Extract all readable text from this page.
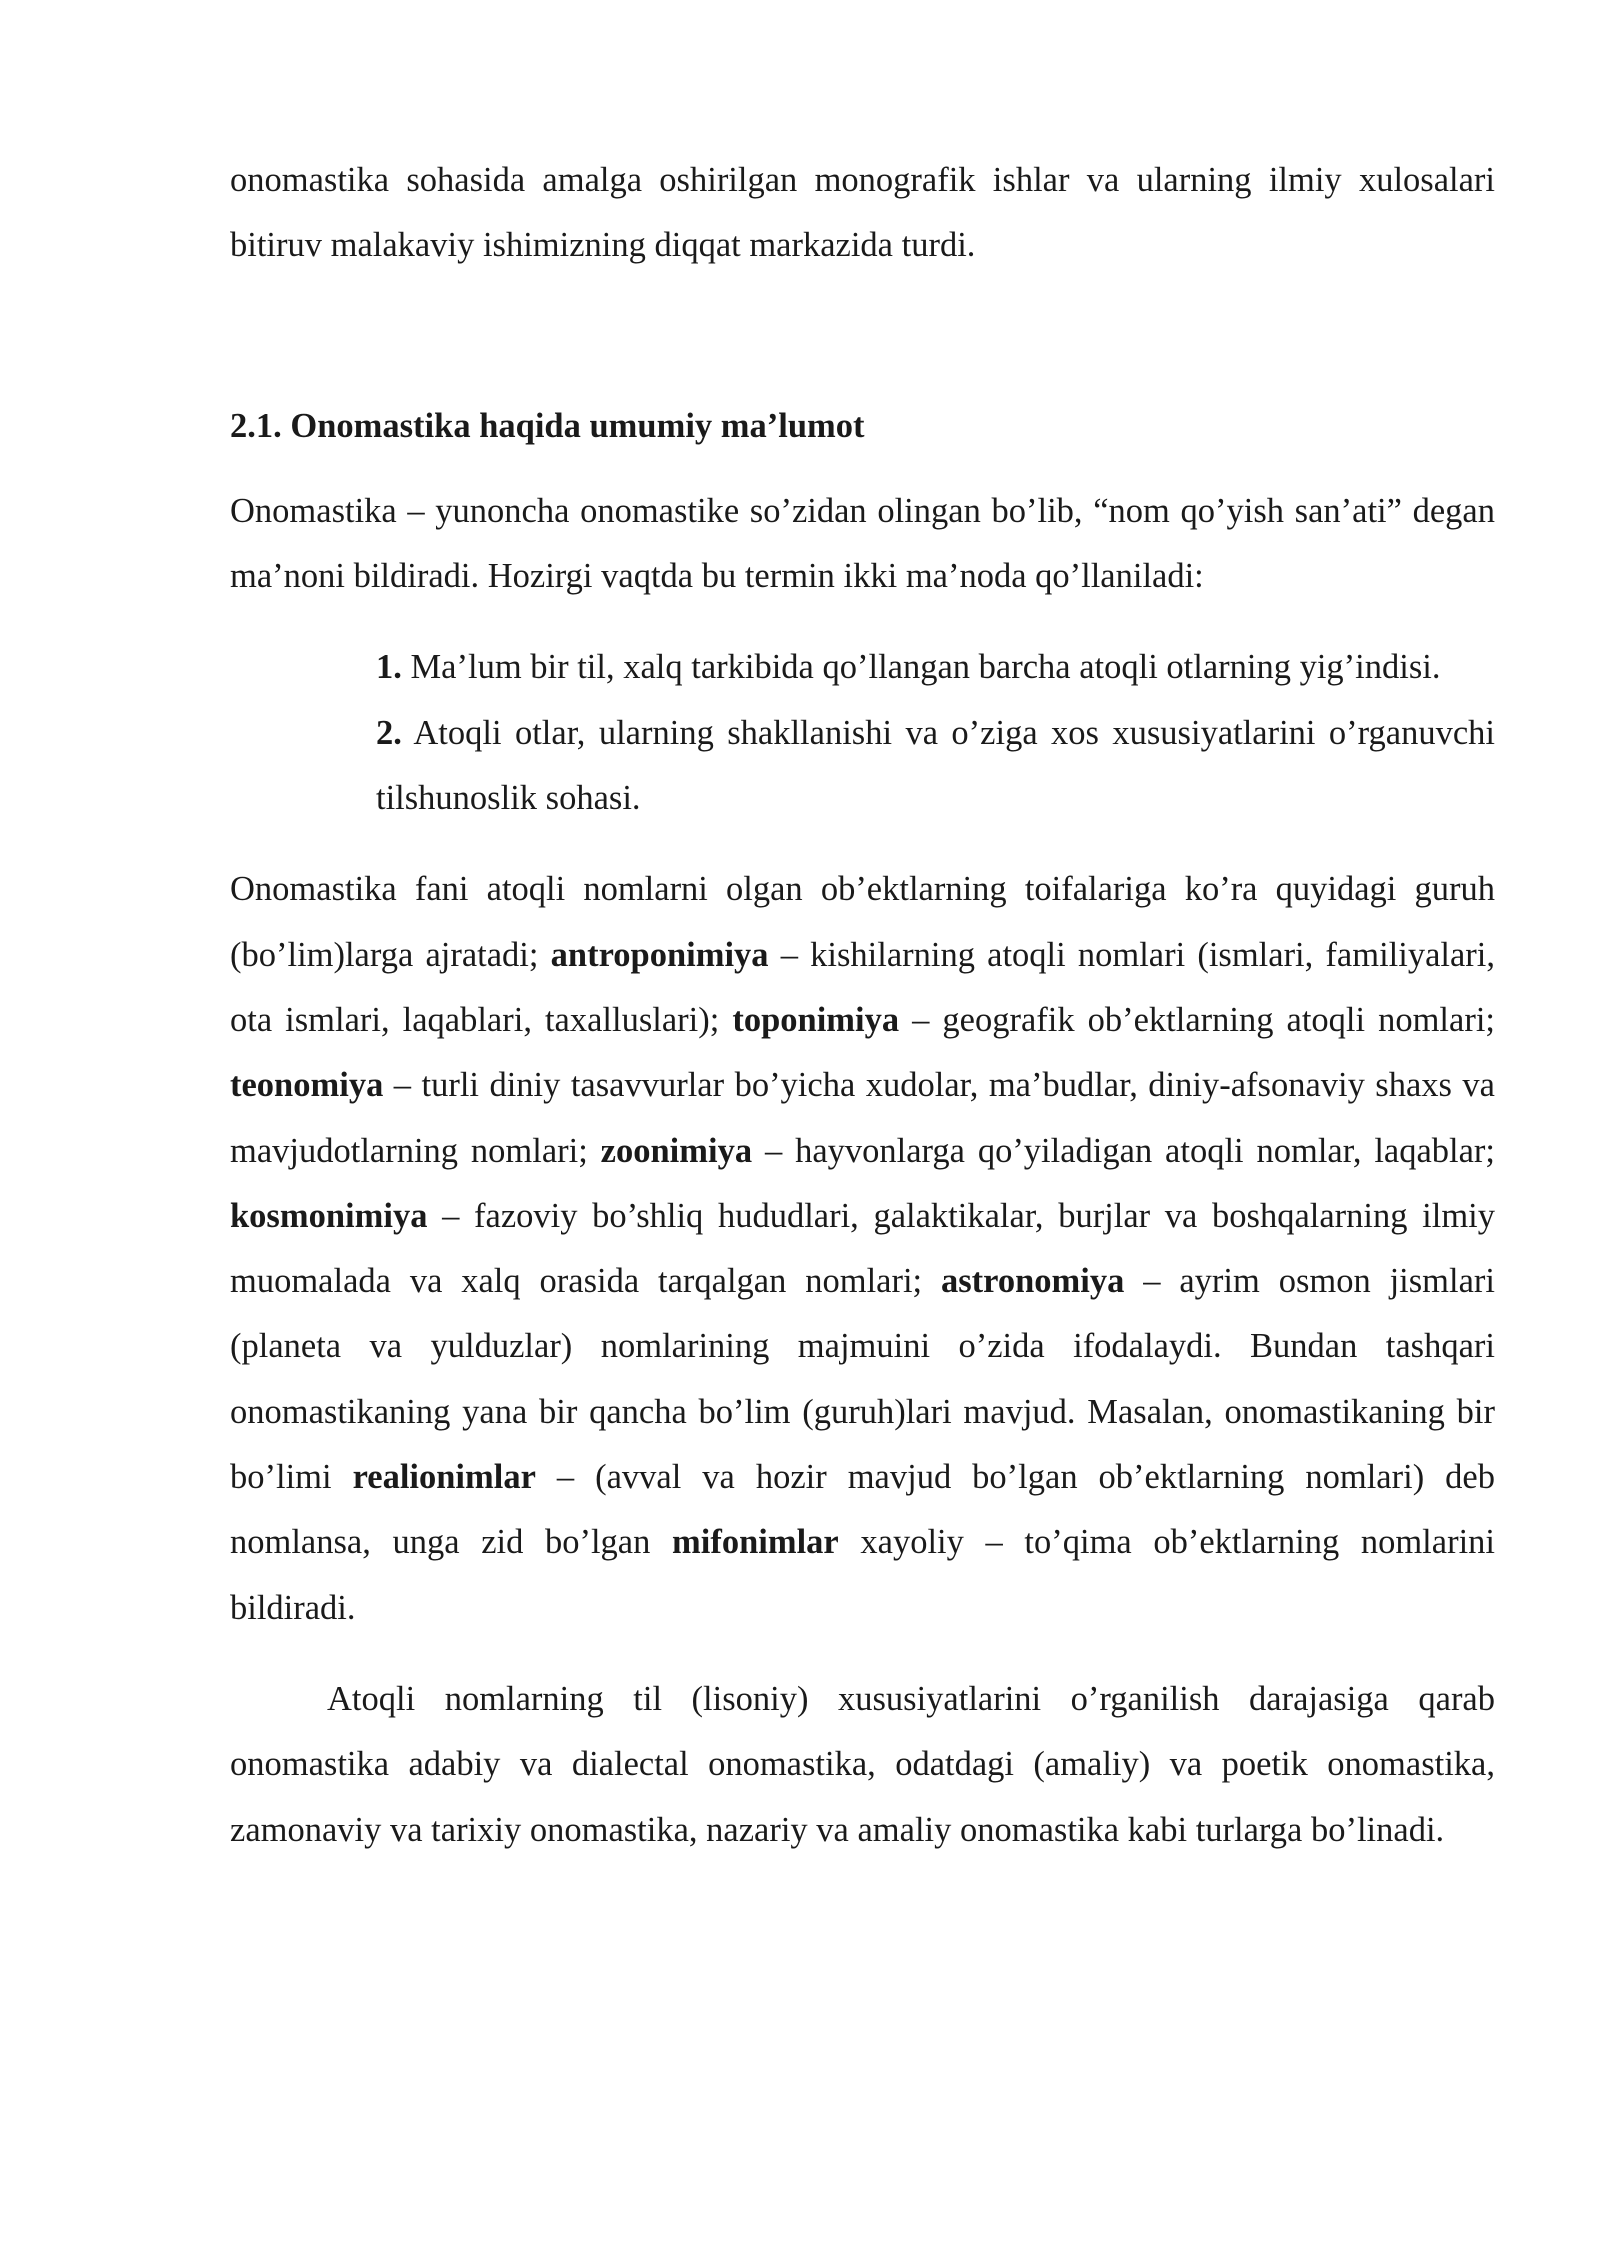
onomastika sohasida amalga oshirilgan monografik ishlar va ularning ilmiy xulosalari bitiruv malakaviy ishimizning diqqat markazida turdi.

2.1. Onomastika haqida umumiy ma’lumot

Onomastika – yunoncha onomastike so’zidan olingan bo’lib, “nom qo’yish san’ati” degan ma’noni bildiradi. Hozirgi vaqtda bu termin ikki ma’noda qo’llaniladi:

1. Ma’lum bir til, xalq tarkibida qo’llangan barcha atoqli otlarning yig’indisi.
2. Atoqli otlar, ularning shakllanishi va o’ziga xos xususiyatlarini o’rganuvchi tilshunoslik sohasi.

Onomastika fani atoqli nomlarni olgan ob’ektlarning toifalariga ko’ra quyidagi guruh (bo’lim)larga ajratadi; antroponimiya – kishilarning atoqli nomlari (ismlari, familiyalari, ota ismlari, laqablari, taxalluslari); toponimiya – geografik ob’ektlarning atoqli nomlari; teonomiya – turli diniy tasavvurlar bo’yicha xudolar, ma’budlar, diniy-afsonaviy shaxs va mavjudotlarning nomlari; zoonimiya – hayvonlarga qo’yiladigan atoqli nomlar, laqablar; kosmonimiya – fazoviy bo’shliq hududlari, galaktikalar, burjlar va boshqalarning ilmiy muomalada va xalq orasida tarqalgan nomlari; astronomiya – ayrim osmon jismlari (planeta va yulduzlar) nomlarining majmuini o’zida ifodalaydi. Bundan tashqari onomastikaning yana bir qancha bo’lim (guruh)lari mavjud. Masalan, onomastikaning bir bo’limi realionimlar – (avval va hozir mavjud bo’lgan ob’ektlarning nomlari) deb nomlansa, unga zid bo’lgan mifonimlar xayoliy – to’qima ob’ektlarning nomlarini bildiradi.

Atoqli nomlarning til (lisoniy) xususiyatlarini o’rganilish darajasiga qarab onomastika adabiy va dialectal onomastika, odatdagi (amaliy) va poetik onomastika, zamonaviy va tarixiy onomastika, nazariy va amaliy onomastika kabi turlarga bo’linadi.
